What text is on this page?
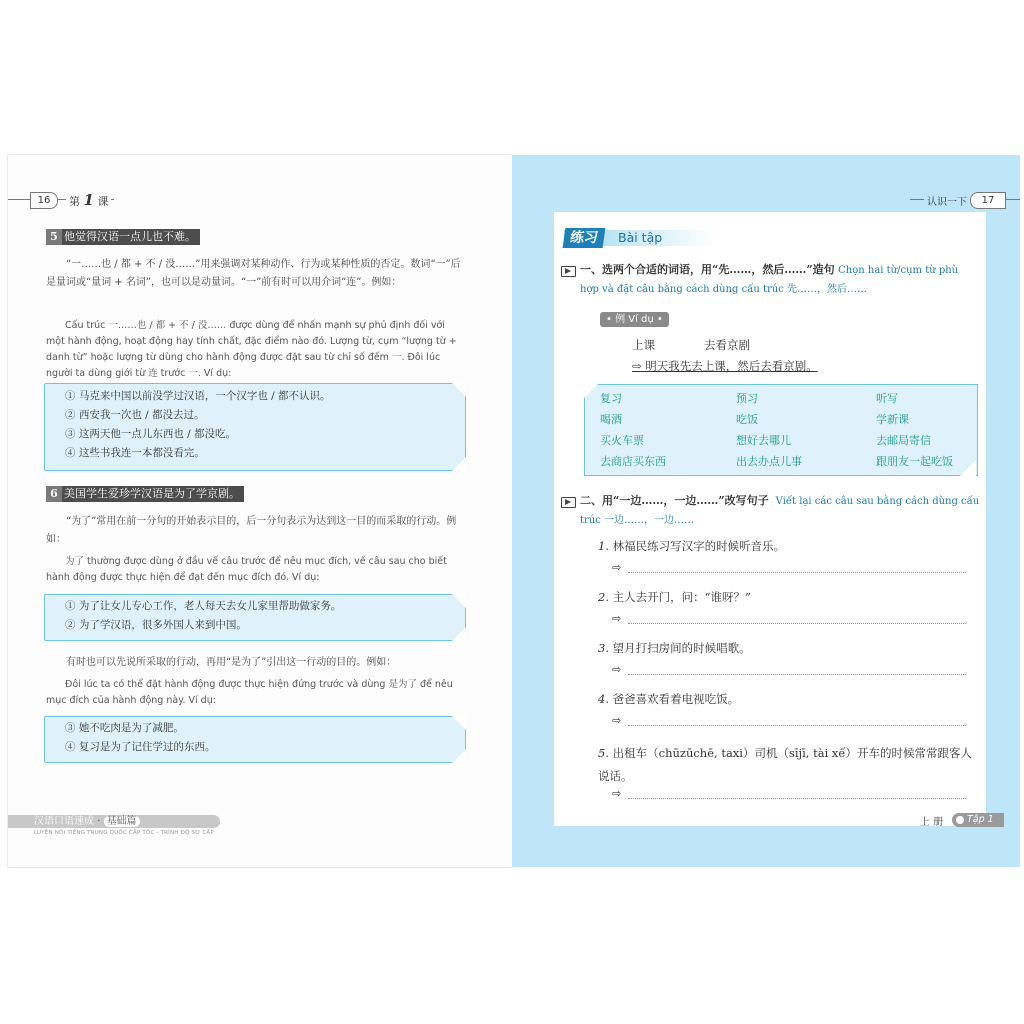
16	第 1 课
5 他觉得汉语一点儿也不难。
“一……也 / 都 + 不 / 没……”用来强调对某种动作、行为或某种性质的否定。数词“一”后是量词或“量词 + 名词”，也可以是动量词。“一”前有时可以用介词“连”。例如：
Cấu trúc 一……也 / 都 + 不 / 没…… được dùng để nhấn mạnh sự phủ định đối với một hành động, hoạt động hay tính chất, đặc điểm nào đó. Lượng từ, cụm “lượng từ + danh từ” hoặc lượng từ dùng cho hành động được đặt sau từ chỉ số đếm 一. Đôi lúc người ta dùng giới từ 连 trước 一. Ví dụ:
① 马克来中国以前没学过汉语，一个汉字也 / 都不认识。
② 西安我一次也 / 都没去过。
③ 这两天他一点儿东西也 / 都没吃。
④ 这些书我连一本都没看完。
6 美国学生爱珍学汉语是为了学京剧。
“为了”常用在前一分句的开始表示目的，后一分句表示为达到这一目的而采取的行动。例如：
为了 thường được dùng ở đầu vế câu trước để nêu mục đích, vế câu sau cho biết hành động được thực hiện để đạt đến mục đích đó. Ví dụ:
① 为了让女儿专心工作，老人每天去女儿家里帮助做家务。
② 为了学汉语，很多外国人来到中国。
有时也可以先说所采取的行动，再用“是为了”引出这一行动的目的。例如：
Đôi lúc ta có thể đặt hành động được thực hiện đứng trước và dùng 是为了 để nêu mục đích của hành động này. Ví dụ:
③ 她不吃肉是为了减肥。
④ 复习是为了记住学过的东西。
汉语口语速成 · 基础篇
LUYỆN NÓI TIẾNG TRUNG QUỐC CẤP TỐC - TRÌNH ĐỘ SƠ CẤP
认识一下	17
练习	Bài tập
一、选两个合适的词语，用“先……，然后……”造句 Chọn hai từ/cụm từ phù hợp và đặt câu bằng cách dùng cấu trúc 先……，然后……
• 例 Ví dụ •
上课	去看京剧
⇨ 明天我先去上课，然后去看京剧。
复习	预习	听写
喝酒	吃饭	学新课
买火车票	想好去哪儿	去邮局寄信
去商店买东西	出去办点儿事	跟朋友一起吃饭
二、用“一边……，一边……”改写句子 Viết lại các câu sau bằng cách dùng cấu trúc 一边……，一边……
1. 林福民练习写汉字的时候听音乐。
⇨	。
2. 主人去开门，问：“谁呀？”
⇨	。
3. 望月打扫房间的时候唱歌。
⇨	。
4. 爸爸喜欢看着电视吃饭。
⇨	。
5. 出租车（chūzūchē, taxi）司机（sījī, tài xế）开车的时候常常跟客人说话。
⇨	。
上 册	Tập 1
